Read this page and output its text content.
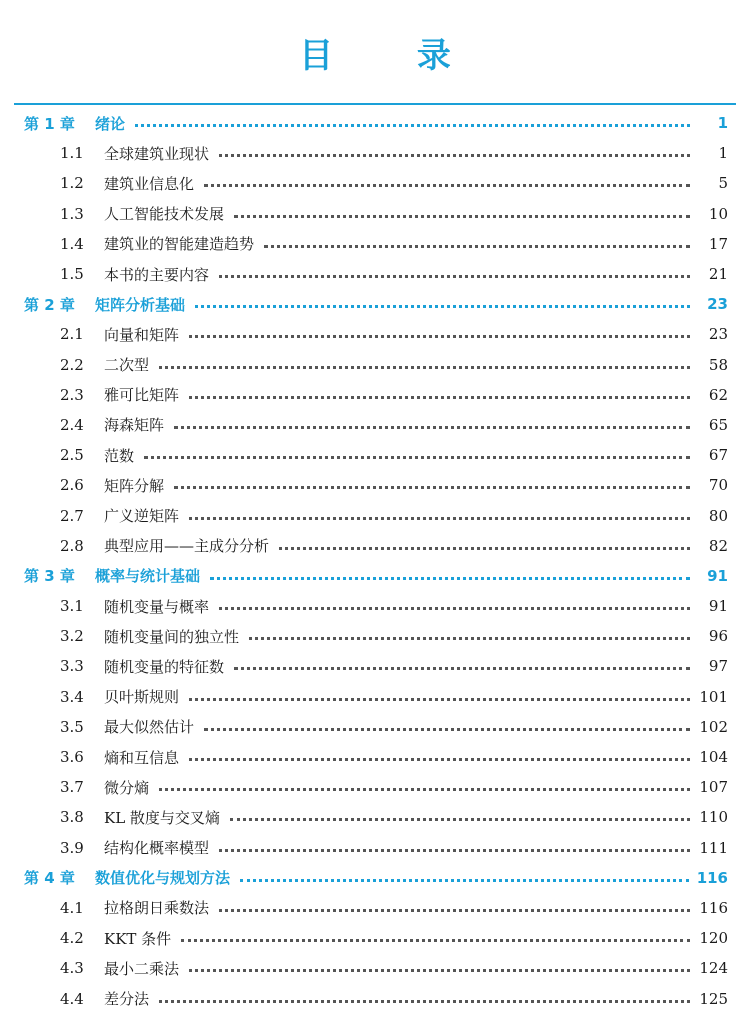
目 录
第 1 章	绪论	1
1.1	全球建筑业现状	1
1.2	建筑业信息化	5
1.3	人工智能技术发展	10
1.4	建筑业的智能建造趋势	17
1.5	本书的主要内容	21
第 2 章	矩阵分析基础	23
2.1	向量和矩阵	23
2.2	二次型	58
2.3	雅可比矩阵	62
2.4	海森矩阵	65
2.5	范数	67
2.6	矩阵分解	70
2.7	广义逆矩阵	80
2.8	典型应用——主成分分析	82
第 3 章	概率与统计基础	91
3.1	随机变量与概率	91
3.2	随机变量间的独立性	96
3.3	随机变量的特征数	97
3.4	贝叶斯规则	101
3.5	最大似然估计	102
3.6	熵和互信息	104
3.7	微分熵	107
3.8	KL 散度与交叉熵	110
3.9	结构化概率模型	111
第 4 章	数值优化与规划方法	116
4.1	拉格朗日乘数法	116
4.2	KKT 条件	120
4.3	最小二乘法	124
4.4	差分法	125
